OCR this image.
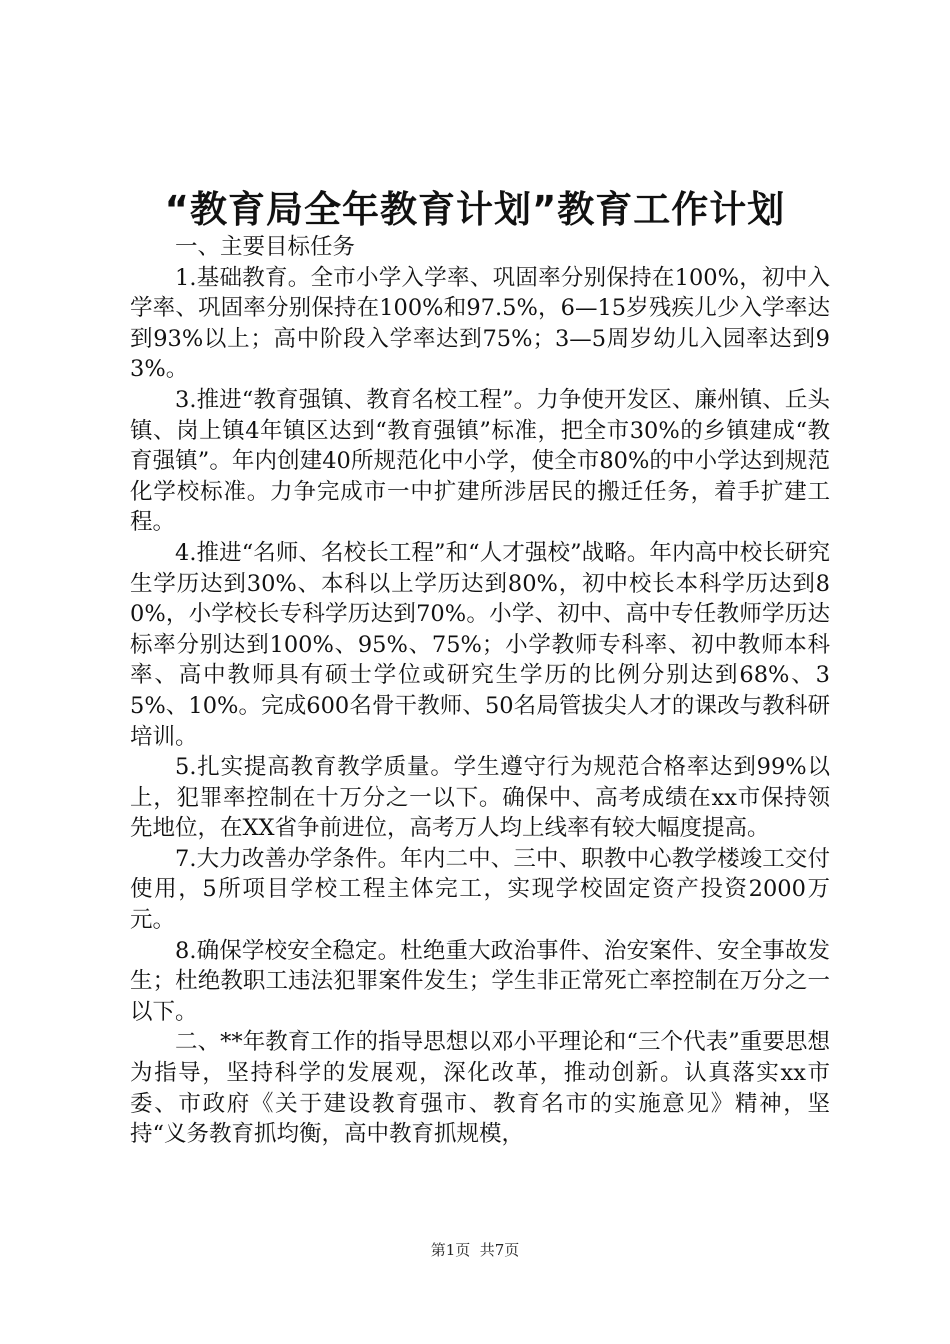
“教育局全年教育计划”教育工作计划

一、主要目标任务

1.基础教育。全市小学入学率、巩固率分别保持在100%，初中入学率、巩固率分别保持在100%和97.5%，6—15岁残疾儿少入学率达到93%以上；高中阶段入学率达到75%；3—5周岁幼儿入园率达到93%。

3.推进“教育强镇、教育名校工程”。力争使开发区、廉州镇、丘头镇、岗上镇4年镇区达到“教育强镇”标准，把全市30%的乡镇建成“教育强镇”。年内创建40所规范化中小学，使全市80%的中小学达到规范化学校标准。力争完成市一中扩建所涉居民的搬迁任务，着手扩建工程。

4.推进“名师、名校长工程”和“人才强校”战略。年内高中校长研究生学历达到30%、本科以上学历达到80%，初中校长本科学历达到80%，小学校长专科学历达到70%。小学、初中、高中专任教师学历达标率分别达到100%、95%、75%；小学教师专科率、初中教师本科率、高中教师具有硕士学位或研究生学历的比例分别达到68%、35%、10%。完成600名骨干教师、50名局管拔尖人才的课改与教科研培训。

5.扎实提高教育教学质量。学生遵守行为规范合格率达到99%以上，犯罪率控制在十万分之一以下。确保中、高考成绩在xx市保持领先地位，在XX省争前进位，高考万人均上线率有较大幅度提高。

7.大力改善办学条件。年内二中、三中、职教中心教学楼竣工交付使用，5所项目学校工程主体完工，实现学校固定资产投资2000万元。

8.确保学校安全稳定。杜绝重大政治事件、治安案件、安全事故发生；杜绝教职工违法犯罪案件发生；学生非正常死亡率控制在万分之一以下。

二、**年教育工作的指导思想以邓小平理论和“三个代表”重要思想为指导，坚持科学的发展观，深化改革，推动创新。认真落实xx市委、市政府《关于建设教育强市、教育名市的实施意见》精神，坚持“义务教育抓均衡，高中教育抓规模，

第1页  共7页
